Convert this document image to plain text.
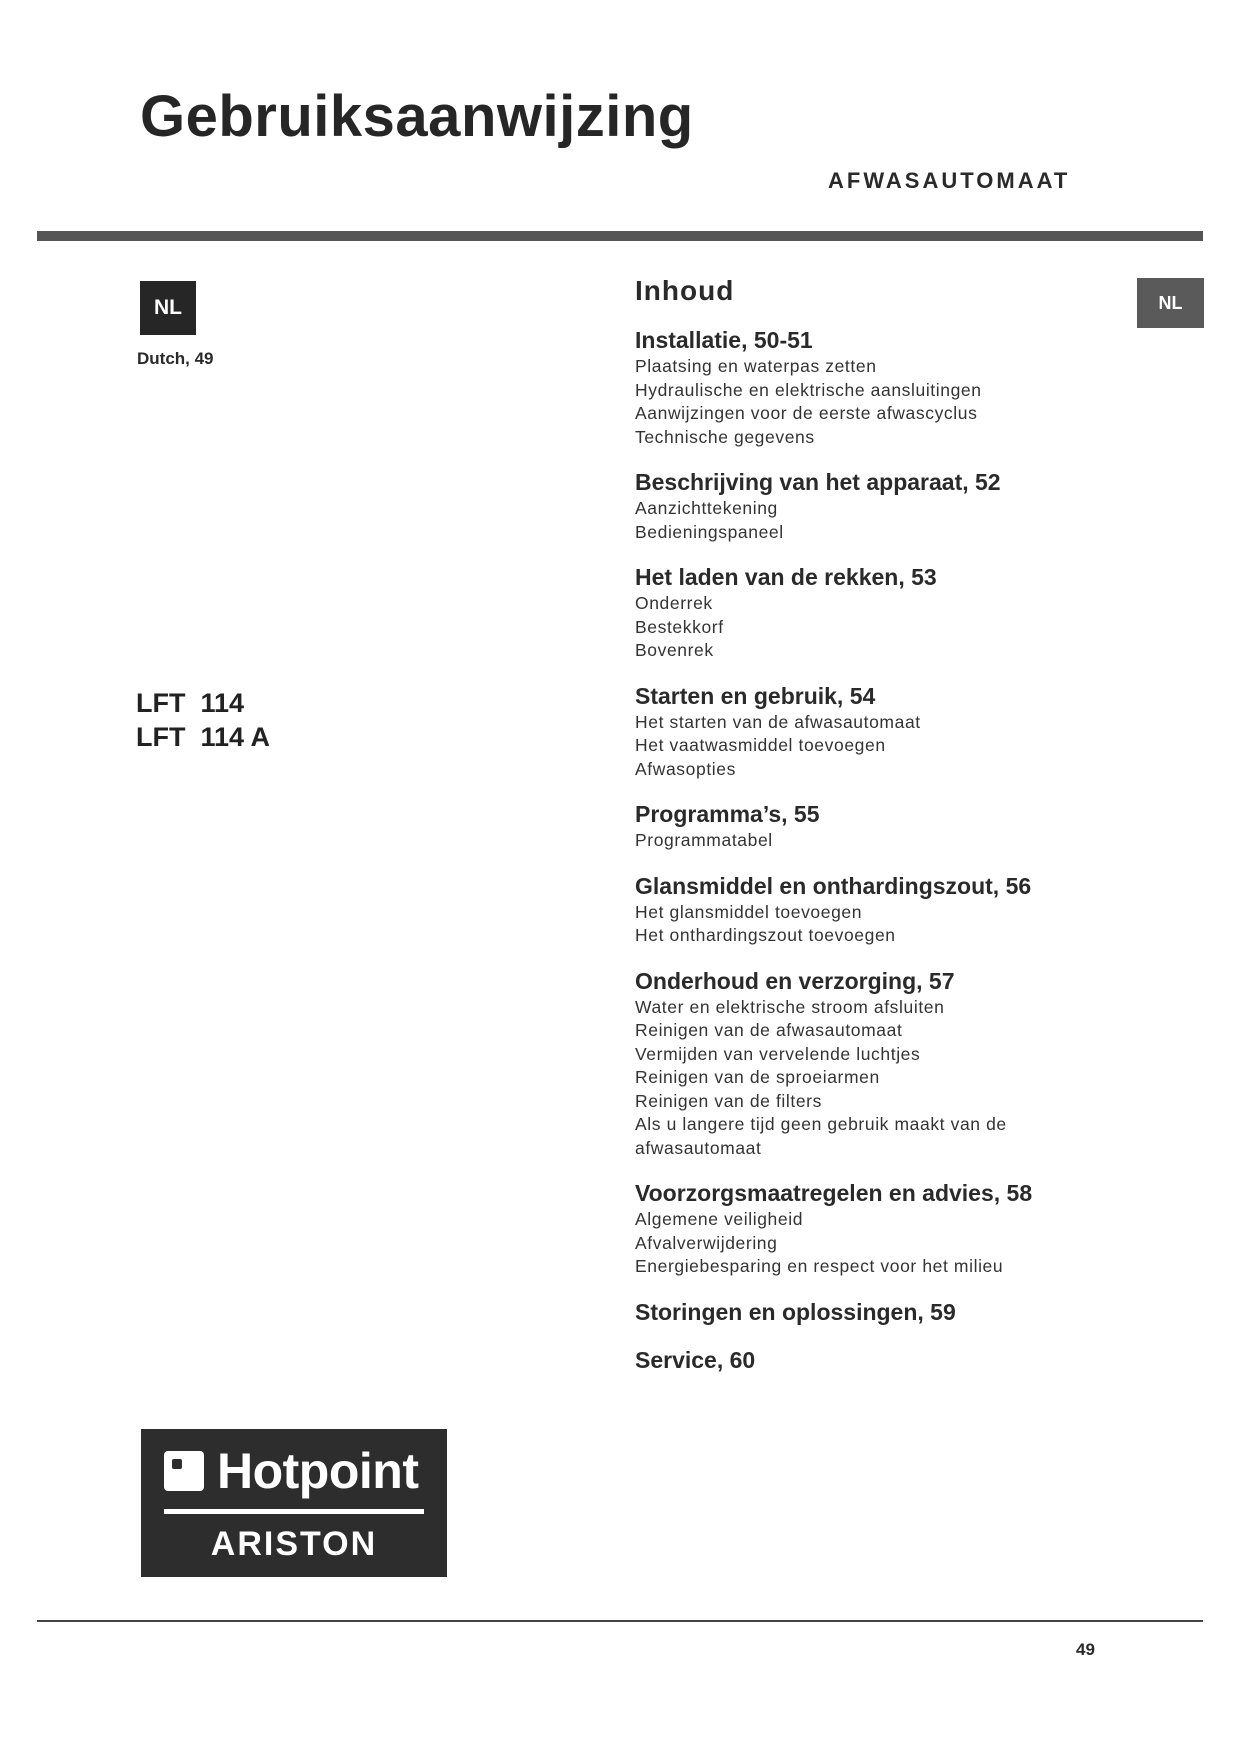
Gebruiksaanwijzing
AFWASAUTOMAAT
NL
Dutch, 49
NL
LFT  114
LFT  114 A
Inhoud
Installatie, 50-51
Plaatsing en waterpas zetten
Hydraulische en elektrische aansluitingen
Aanwijzingen voor de eerste afwascyclus
Technische gegevens
Beschrijving van het apparaat, 52
Aanzichttekening
Bedieningspaneel
Het laden van de rekken, 53
Onderrek
Bestekkorf
Bovenrek
Starten en gebruik, 54
Het starten van de afwasautomaat
Het vaatwasmiddel toevoegen
Afwasopties
Programma’s, 55
Programmatabel
Glansmiddel en onthardingszout, 56
Het glansmiddel toevoegen
Het onthardingszout toevoegen
Onderhoud en verzorging, 57
Water en elektrische stroom afsluiten
Reinigen van de afwasautomaat
Vermijden van vervelende luchtjes
Reinigen van de sproeiarmen
Reinigen van de filters
Als u langere tijd geen gebruik maakt van de afwasautomaat
Voorzorgsmaatregelen en advies, 58
Algemene veiligheid
Afvalverwijdering
Energiebesparing en respect voor het milieu
Storingen en oplossingen, 59
Service, 60
Hotpoint
ARISTON
49
